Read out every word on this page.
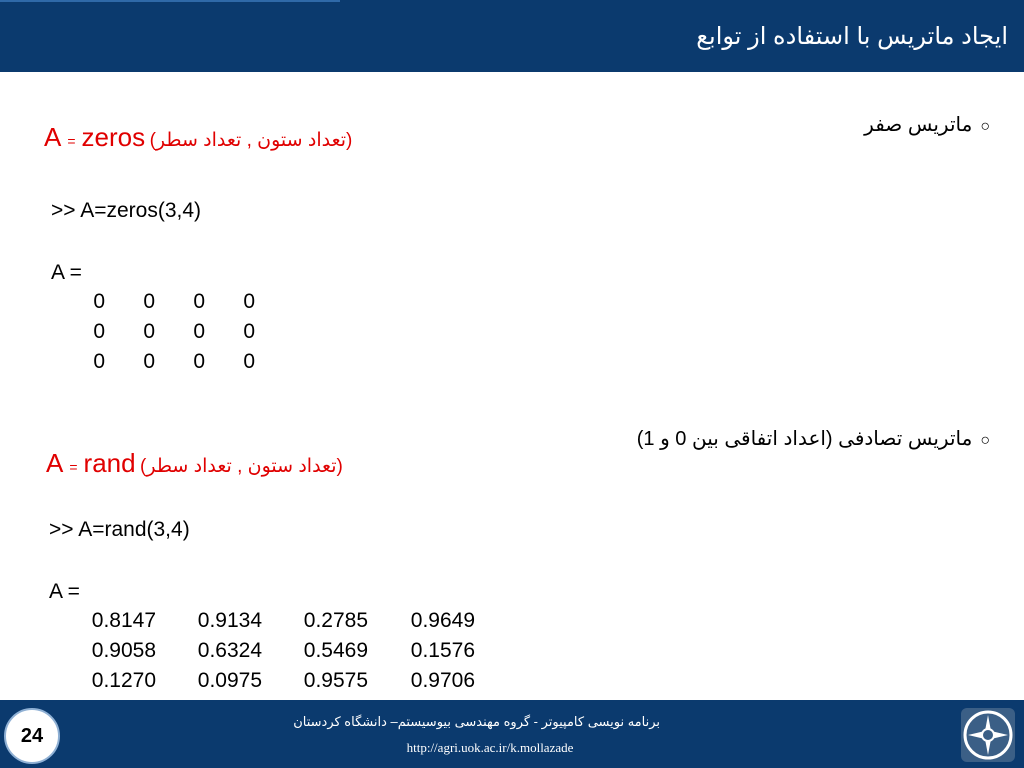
ایجاد ماتریس با استفاده از توابع
○ماتریس صفر
A = zeros (تعداد ستون , تعداد سطر)
>> A=zeros(3,4)
A =
0	0	0	0
0	0	0	0
0	0	0	0
○ماتریس تصادفی (اعداد اتفاقی بین 0 و 1)
A = rand (تعداد ستون , تعداد سطر)
>> A=rand(3,4)
A =
0.8147	0.9134	0.2785	0.9649
0.9058	0.6324	0.5469	0.1576
0.1270	0.0975	0.9575	0.9706
24
برنامه نویسی کامپیوتر - گروه مهندسی بیوسیستم– دانشگاه کردستان
http://agri.uok.ac.ir/k.mollazade
